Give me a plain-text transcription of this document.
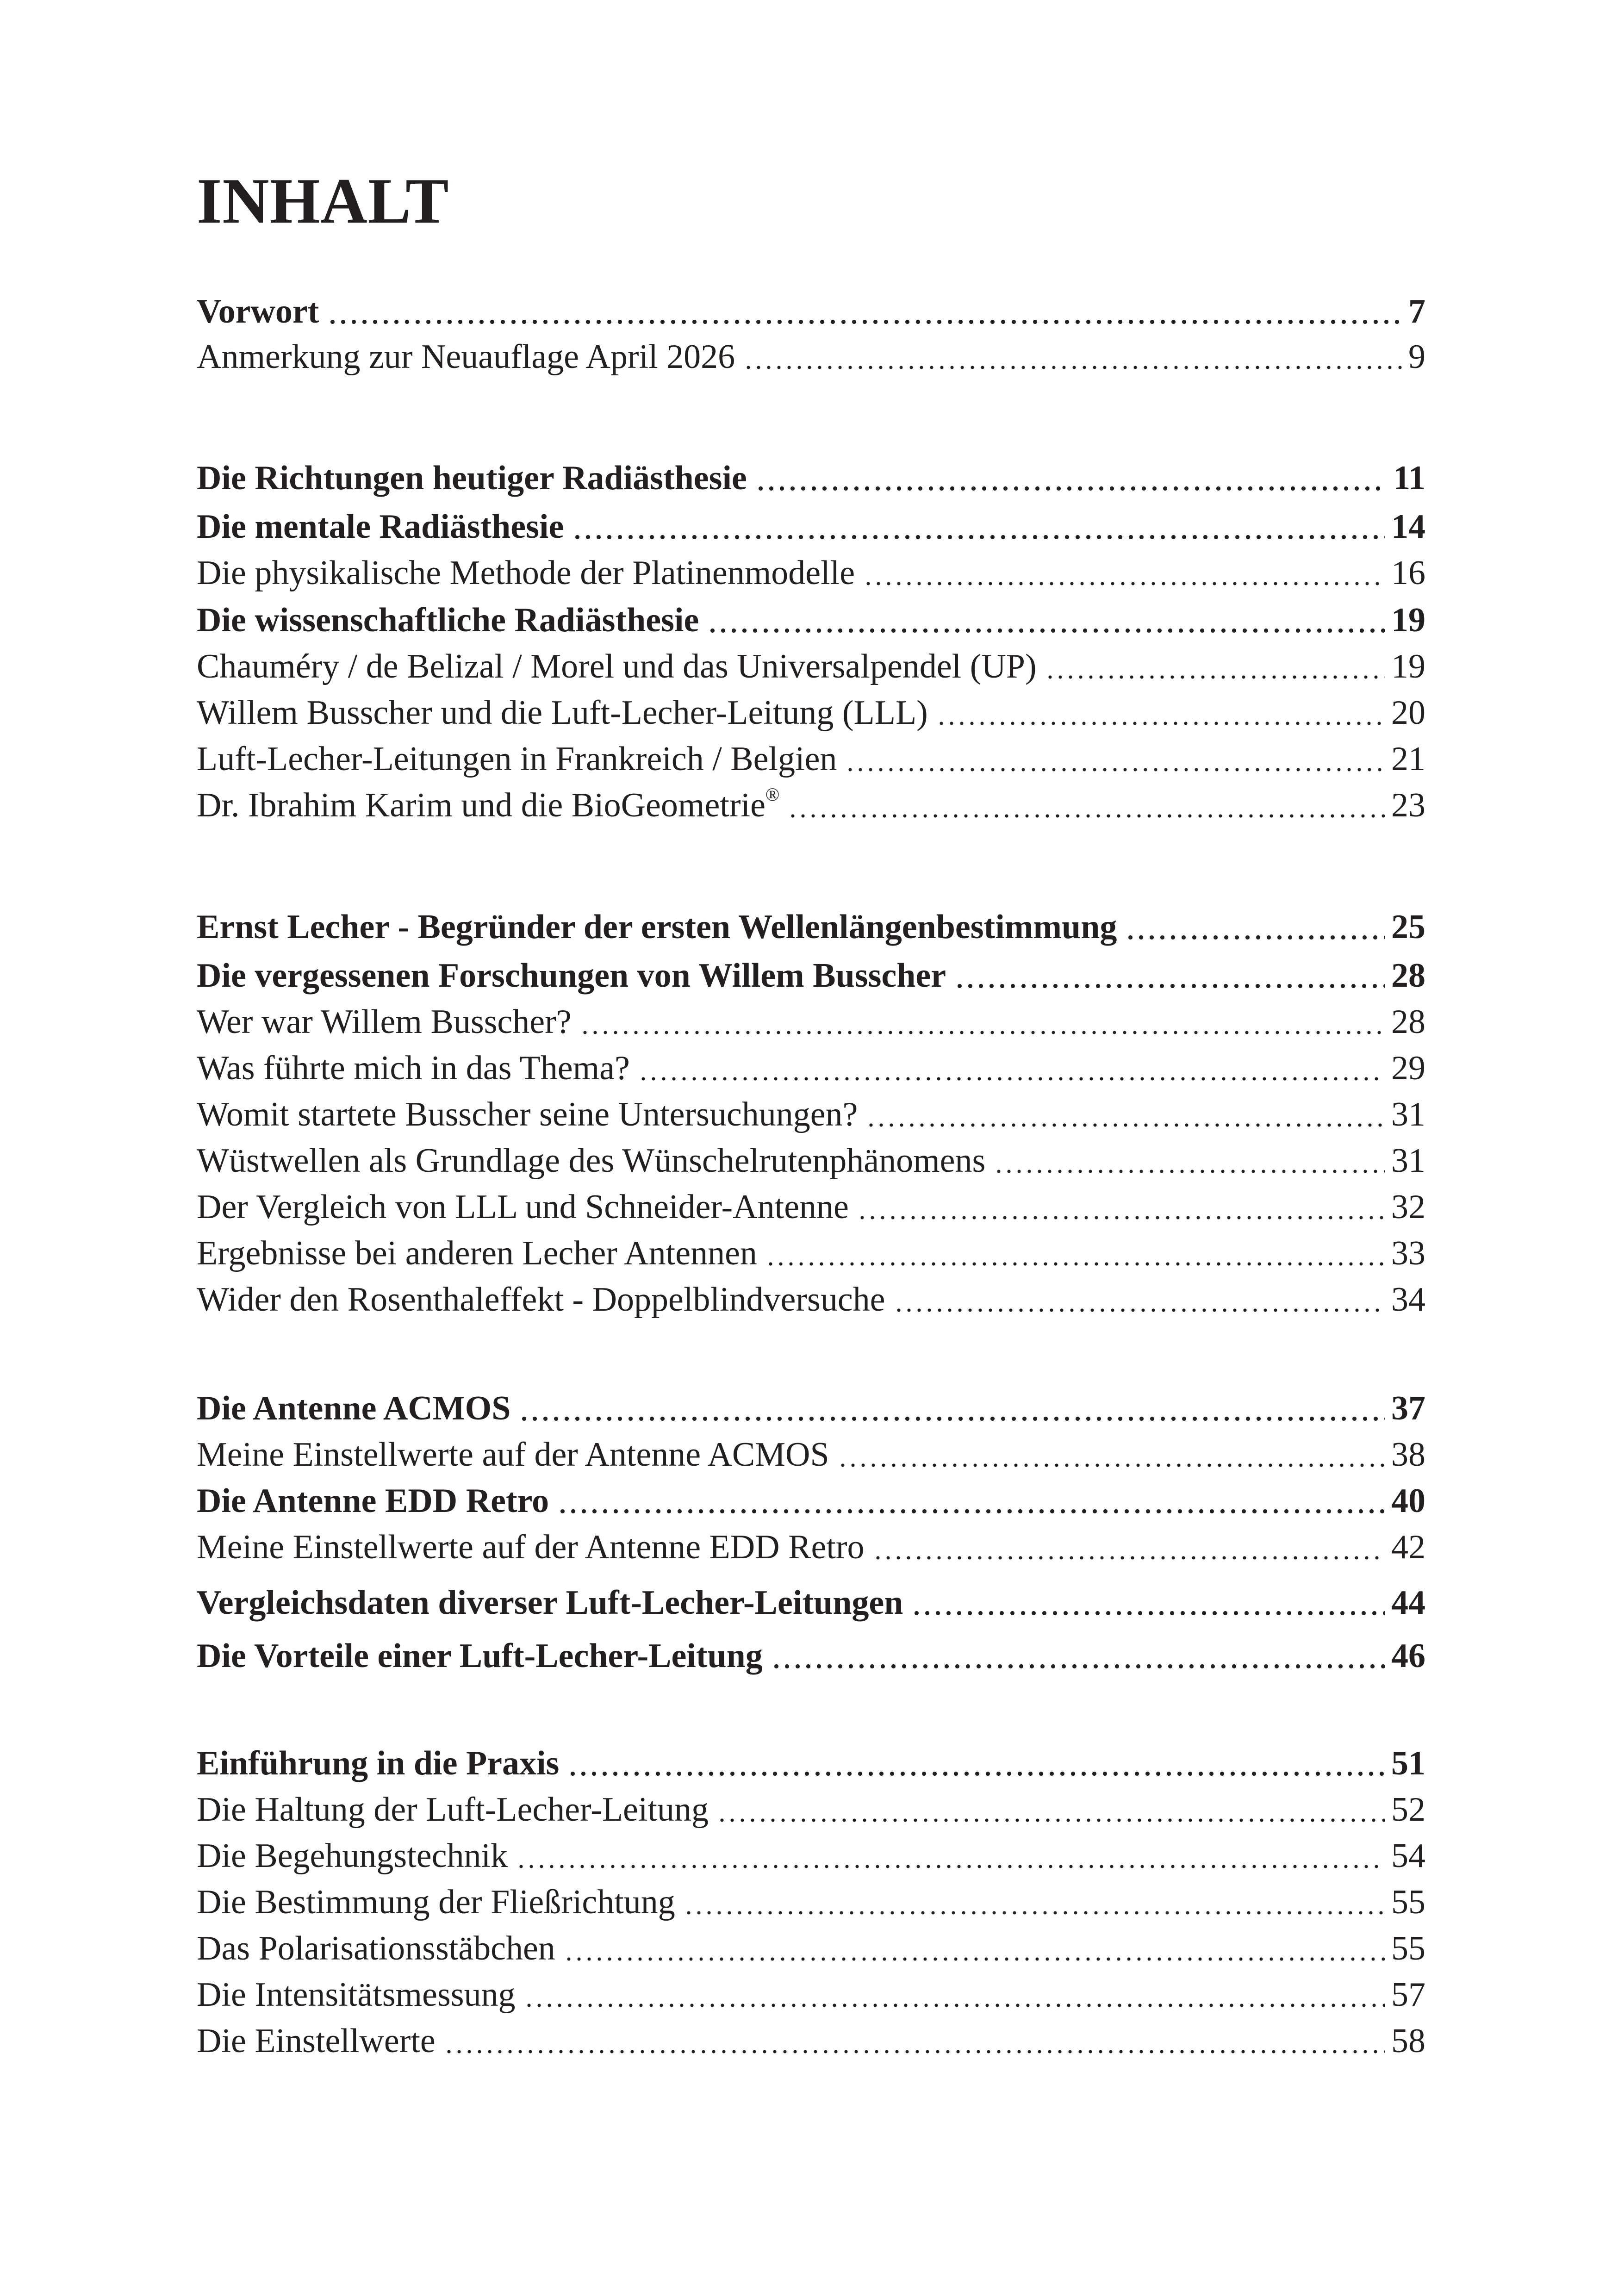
INHALT
Vorwort	7
Anmerkung zur Neuauflage April 2026	9
Die Richtungen heutiger Radiästhesie	11
Die mentale Radiästhesie	14
Die physikalische Methode der Platinenmodelle	16
Die wissenschaftliche Radiästhesie	19
Chauméry / de Belizal / Morel und das Universalpendel (UP)	19
Willem Busscher und die Luft-Lecher-Leitung (LLL)	20
Luft-Lecher-Leitungen in Frankreich / Belgien	21
Dr. Ibrahim Karim und die BioGeometrie®	23
Ernst Lecher - Begründer der ersten Wellenlängenbestimmung	25
Die vergessenen Forschungen von Willem Busscher	28
Wer war Willem Busscher?	28
Was führte mich in das Thema?	29
Womit startete Busscher seine Untersuchungen?	31
Wüstwellen als Grundlage des Wünschelrutenphänomens	31
Der Vergleich von LLL und Schneider-Antenne	32
Ergebnisse bei anderen Lecher Antennen	33
Wider den Rosenthaleffekt - Doppelblindversuche	34
Die Antenne ACMOS	37
Meine Einstellwerte auf der Antenne ACMOS	38
Die Antenne EDD Retro	40
Meine Einstellwerte auf der Antenne EDD Retro	42
Vergleichsdaten diverser Luft-Lecher-Leitungen	44
Die Vorteile einer Luft-Lecher-Leitung	46
Einführung in die Praxis	51
Die Haltung der Luft-Lecher-Leitung	52
Die Begehungstechnik	54
Die Bestimmung der Fließrichtung	55
Das Polarisationsstäbchen	55
Die Intensitätsmessung	57
Die Einstellwerte	58
